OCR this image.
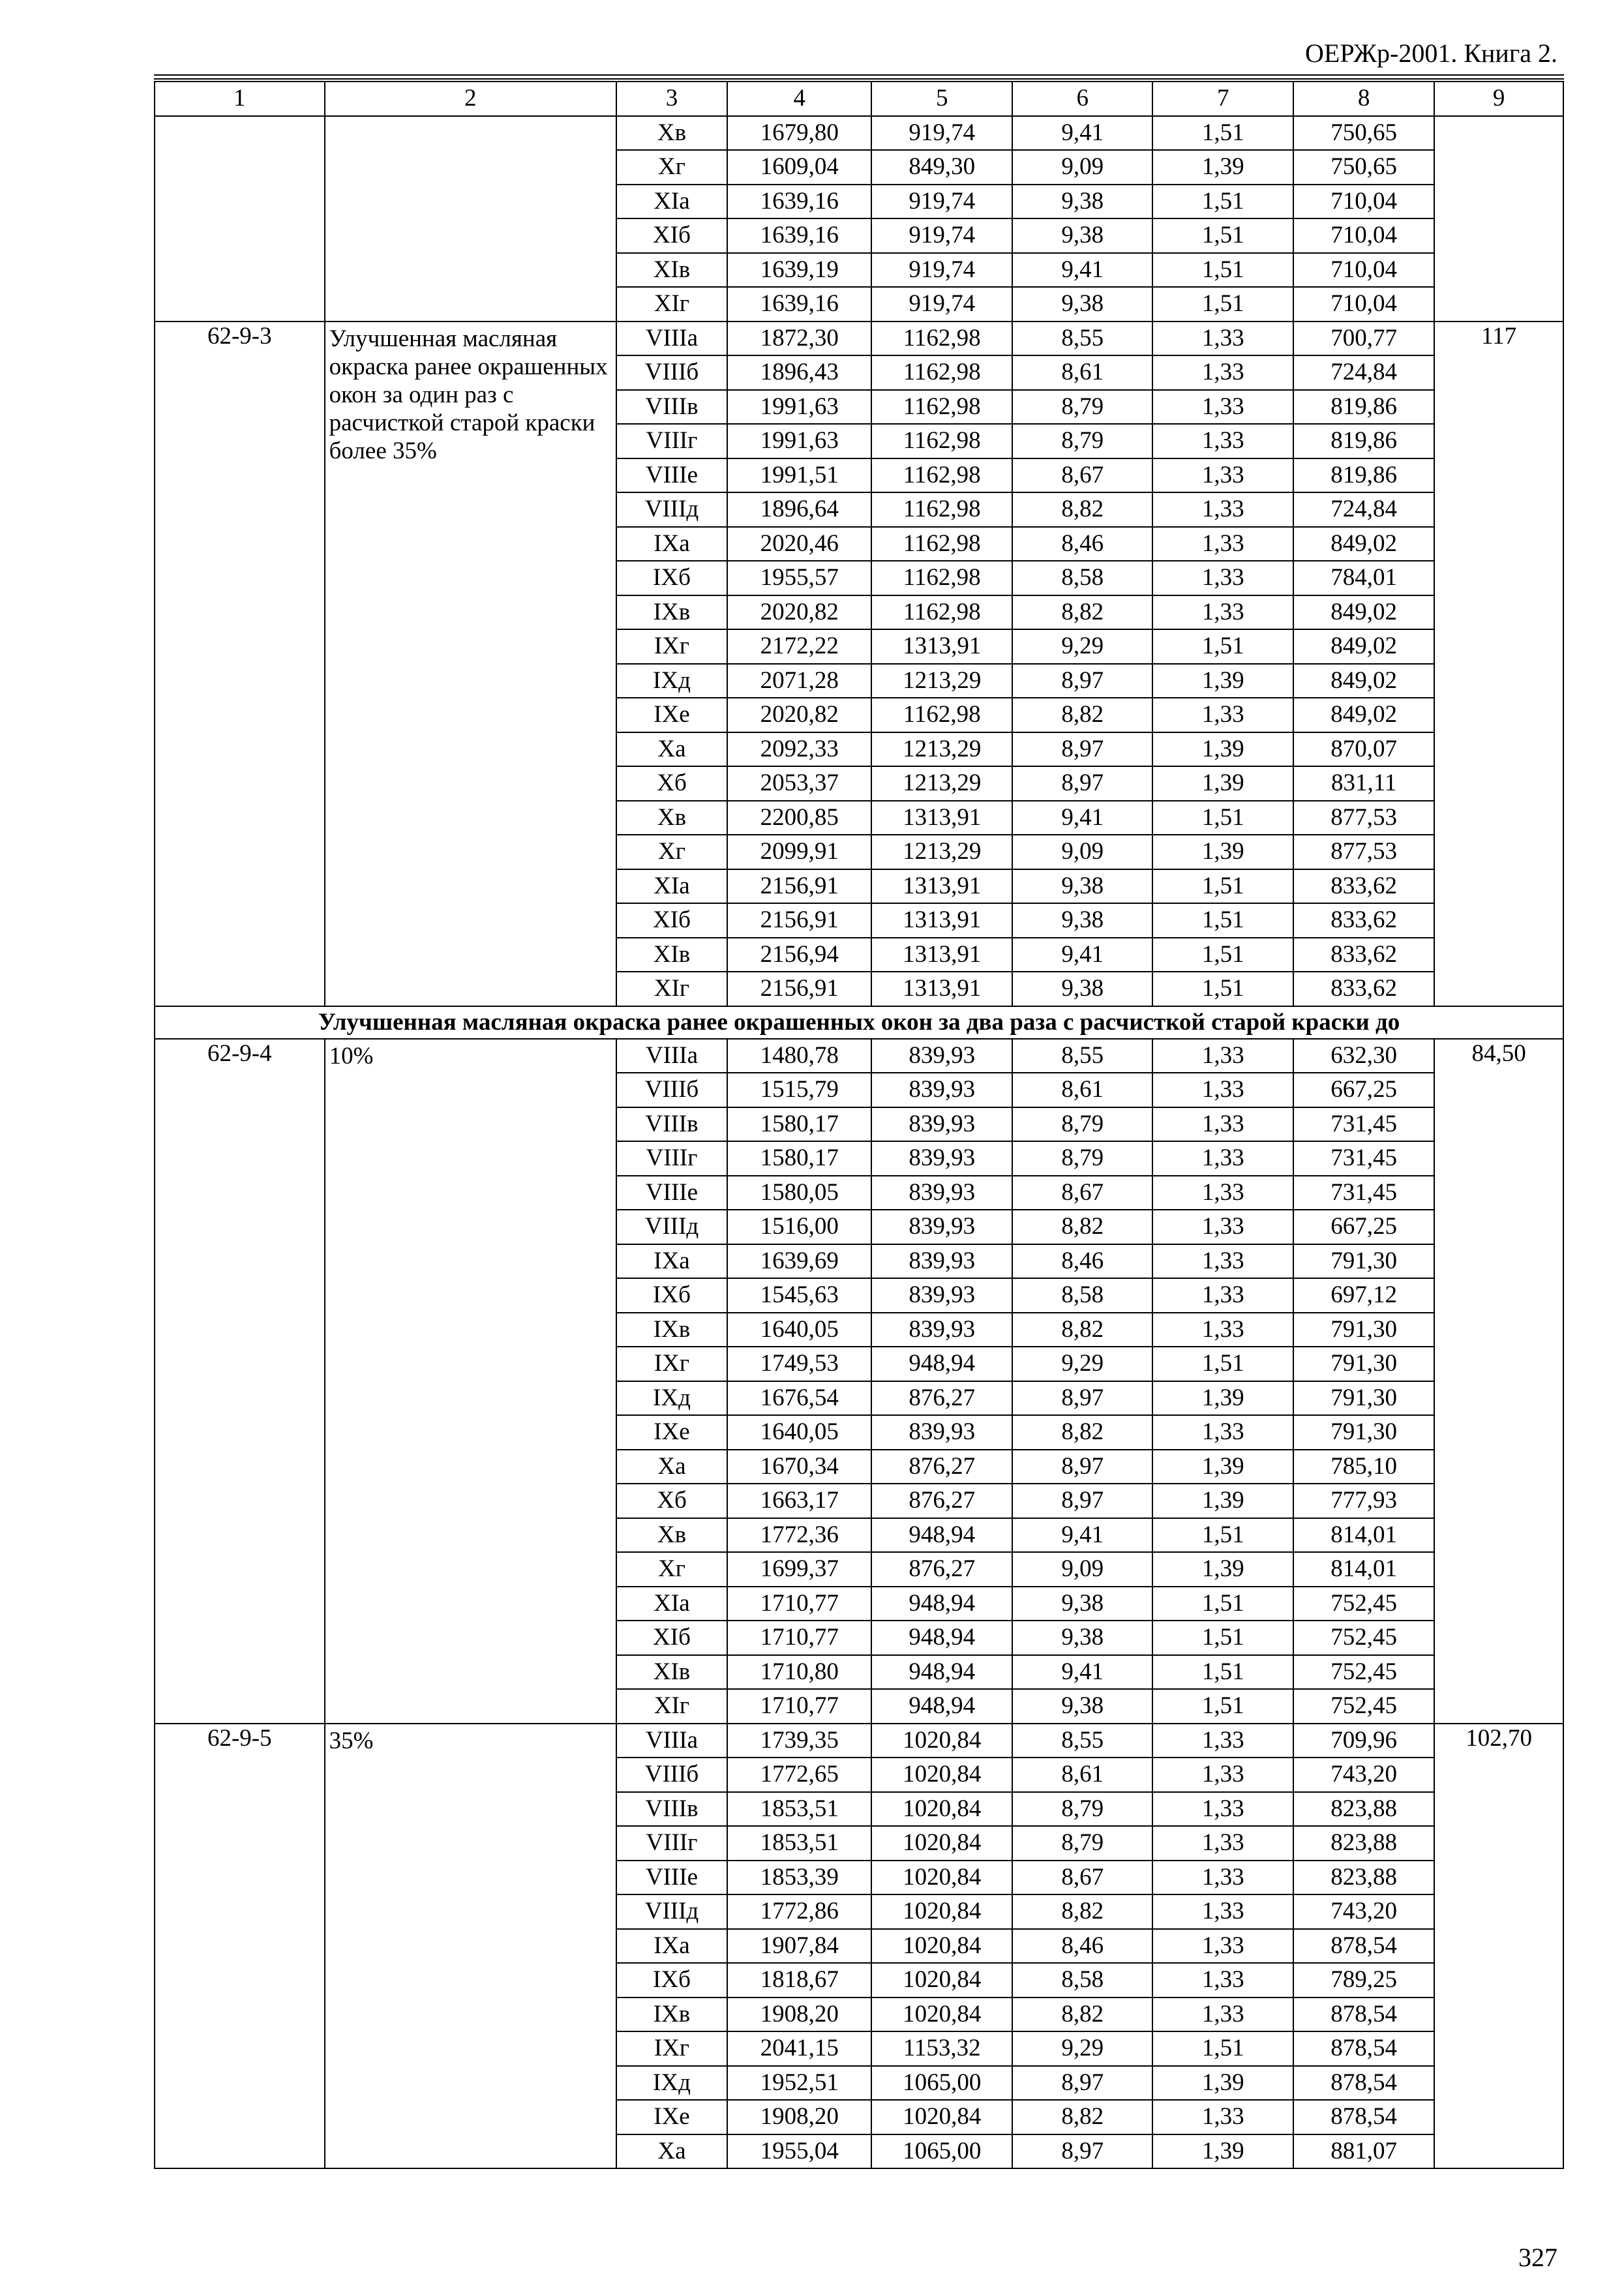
ОЕРЖр-2001. Книга 2.
1	2	3	4	5	6	7	8	9
		Хв	1679,80	919,74	9,41	1,51	750,65	
		Хг	1609,04	849,30	9,09	1,39	750,65	
		XIa	1639,16	919,74	9,38	1,51	710,04	
		XIб	1639,16	919,74	9,38	1,51	710,04	
		XIв	1639,19	919,74	9,41	1,51	710,04	
		XIг	1639,16	919,74	9,38	1,51	710,04	
62-9-3	Улучшенная масляная окраска ранее окрашенных окон за один раз с расчисткой старой краски более 35%	VIIIa	1872,30	1162,98	8,55	1,33	700,77	117
		VIIIб	1896,43	1162,98	8,61	1,33	724,84	
		VIIIв	1991,63	1162,98	8,79	1,33	819,86	
		VIIIг	1991,63	1162,98	8,79	1,33	819,86	
		VIIIe	1991,51	1162,98	8,67	1,33	819,86	
		VIIIд	1896,64	1162,98	8,82	1,33	724,84	
		IXa	2020,46	1162,98	8,46	1,33	849,02	
		IXб	1955,57	1162,98	8,58	1,33	784,01	
		IXв	2020,82	1162,98	8,82	1,33	849,02	
		IXг	2172,22	1313,91	9,29	1,51	849,02	
		IXд	2071,28	1213,29	8,97	1,39	849,02	
		IXe	2020,82	1162,98	8,82	1,33	849,02	
		Xa	2092,33	1213,29	8,97	1,39	870,07	
		Xб	2053,37	1213,29	8,97	1,39	831,11	
		Хв	2200,85	1313,91	9,41	1,51	877,53	
		Хг	2099,91	1213,29	9,09	1,39	877,53	
		XIa	2156,91	1313,91	9,38	1,51	833,62	
		XIб	2156,91	1313,91	9,38	1,51	833,62	
		XIв	2156,94	1313,91	9,41	1,51	833,62	
		XIг	2156,91	1313,91	9,38	1,51	833,62	
Улучшенная масляная окраска ранее окрашенных окон за два раза с расчисткой старой краски до								
62-9-4	10%	VIIIa	1480,78	839,93	8,55	1,33	632,30	84,50
		VIIIб	1515,79	839,93	8,61	1,33	667,25	
		VIIIв	1580,17	839,93	8,79	1,33	731,45	
		VIIIг	1580,17	839,93	8,79	1,33	731,45	
		VIIIe	1580,05	839,93	8,67	1,33	731,45	
		VIIIд	1516,00	839,93	8,82	1,33	667,25	
		IXa	1639,69	839,93	8,46	1,33	791,30	
		IXб	1545,63	839,93	8,58	1,33	697,12	
		IXв	1640,05	839,93	8,82	1,33	791,30	
		IXг	1749,53	948,94	9,29	1,51	791,30	
		IXд	1676,54	876,27	8,97	1,39	791,30	
		IXe	1640,05	839,93	8,82	1,33	791,30	
		Xa	1670,34	876,27	8,97	1,39	785,10	
		Xб	1663,17	876,27	8,97	1,39	777,93	
		Хв	1772,36	948,94	9,41	1,51	814,01	
		Хг	1699,37	876,27	9,09	1,39	814,01	
		XIa	1710,77	948,94	9,38	1,51	752,45	
		XIб	1710,77	948,94	9,38	1,51	752,45	
		XIв	1710,80	948,94	9,41	1,51	752,45	
		XIг	1710,77	948,94	9,38	1,51	752,45	
62-9-5	35%	VIIIa	1739,35	1020,84	8,55	1,33	709,96	102,70
		VIIIб	1772,65	1020,84	8,61	1,33	743,20	
		VIIIв	1853,51	1020,84	8,79	1,33	823,88	
		VIIIг	1853,51	1020,84	8,79	1,33	823,88	
		VIIIe	1853,39	1020,84	8,67	1,33	823,88	
		VIIIд	1772,86	1020,84	8,82	1,33	743,20	
		IXa	1907,84	1020,84	8,46	1,33	878,54	
		IXб	1818,67	1020,84	8,58	1,33	789,25	
		IXв	1908,20	1020,84	8,82	1,33	878,54	
		IXг	2041,15	1153,32	9,29	1,51	878,54	
		IXд	1952,51	1065,00	8,97	1,39	878,54	
		IXe	1908,20	1020,84	8,82	1,33	878,54	
		Xa	1955,04	1065,00	8,97	1,39	881,07	
327
